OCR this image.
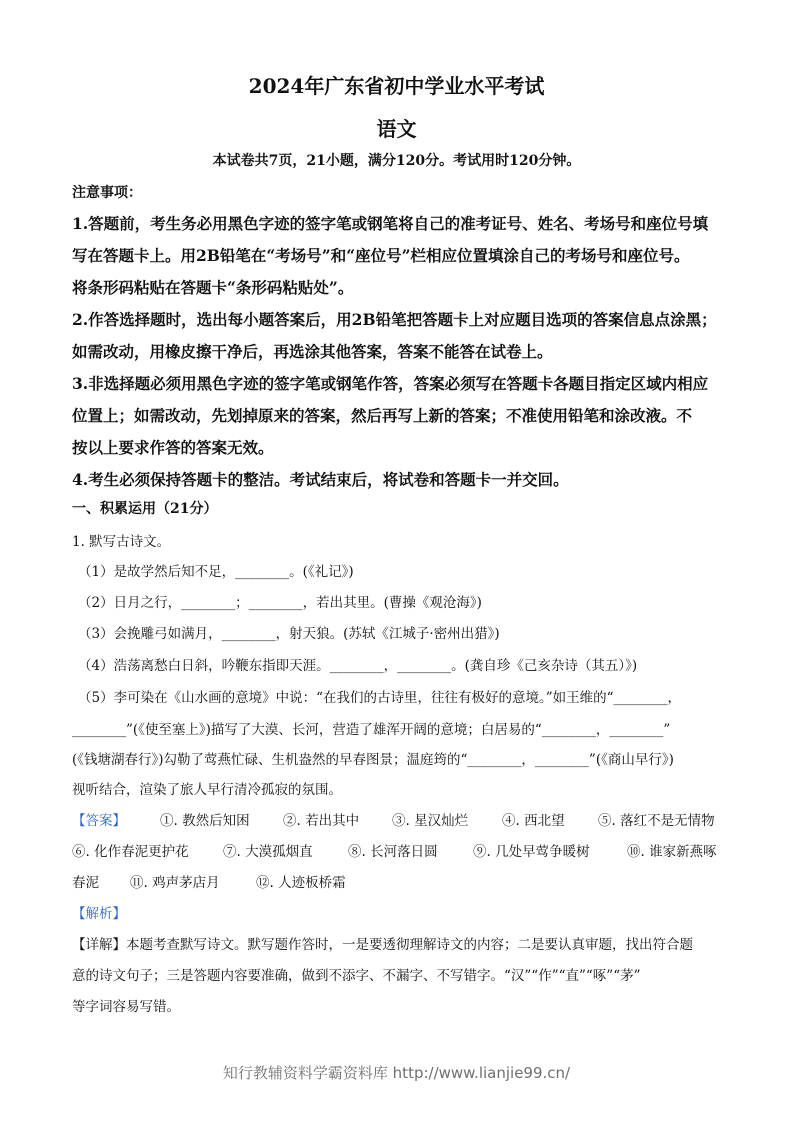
2024年广东省初中学业水平考试
语文
本试卷共7页，21小题，满分120分。考试用时120分钟。
注意事项：
1.答题前，考生务必用黑色字迹的签字笔或钢笔将自己的准考证号、姓名、考场号和座位号填
写在答题卡上。用2B铅笔在“考场号”和“座位号”栏相应位置填涂自己的考场号和座位号。
将条形码粘贴在答题卡“条形码粘贴处”。
2.作答选择题时，选出每小题答案后，用2B铅笔把答题卡上对应题目选项的答案信息点涂黑；
如需改动，用橡皮擦干净后，再选涂其他答案，答案不能答在试卷上。
3.非选择题必须用黑色字迹的签字笔或钢笔作答，答案必须写在答题卡各题目指定区域内相应
位置上；如需改动，先划掉原来的答案，然后再写上新的答案；不准使用铅笔和涂改液。不
按以上要求作答的答案无效。
4.考生必须保持答题卡的整洁。考试结束后，将试卷和答题卡一并交回。
一、积累运用（21分）
1. 默写古诗文。
（1）是故学然后知不足，________。(《礼记》)
（2）日月之行，________；________，若出其里。(曹操《观沧海》)
（3）会挽雕弓如满月，________，射天狼。(苏轼《江城子·密州出猎》)
（4）浩荡离愁白日斜，吟鞭东指即天涯。________，________。(龚自珍《己亥杂诗（其五）》)
（5）李可染在《山水画的意境》中说：“在我们的古诗里，往往有极好的意境。”如王维的“________，
________”(《使至塞上》)描写了大漠、长河，营造了雄浑开阔的意境；白居易的“________，________”
(《钱塘湖春行》)勾勒了莺燕忙碌、生机盎然的早春图景；温庭筠的“________，________”(《商山早行》)
视听结合，渲染了旅人早行清冷孤寂的氛围。
【答案】	①. 教然后知困 ②. 若出其中 ③. 星汉灿烂	④. 西北望 ⑤. 落红不是无情物
⑥. 化作春泥更护花	⑦. 大漠孤烟直	⑧. 长河落日圆	⑨. 几处早莺争暖树	⑩. 谁家新燕啄
春泥 ⑪. 鸡声茅店月	⑫. 人迹板桥霜
【解析】
【详解】本题考查默写诗文。默写题作答时，一是要透彻理解诗文的内容；二是要认真审题，找出符合题
意的诗文句子；三是答题内容要准确，做到不添字、不漏字、不写错字。“汉”“作”“直”“啄”“茅”
等字词容易写错。
知行教辅资料学霸资料库 http://www.lianjie99.cn/
